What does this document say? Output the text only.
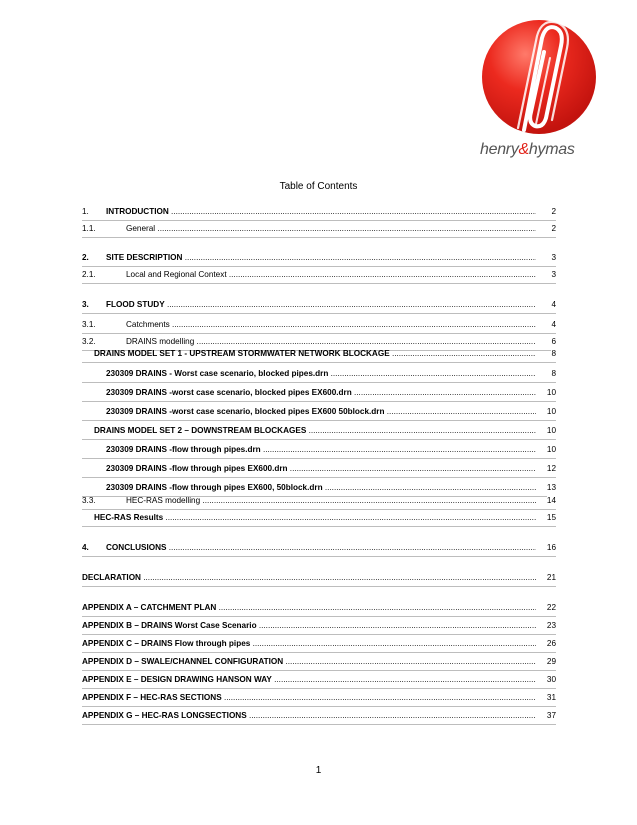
henry&hymas
Table of Contents
1. INTRODUCTION .....	2
1.1.	General .....	2
2. SITE DESCRIPTION .....	3
2.1.	Local and Regional Context .....	3
3. FLOOD STUDY .....	4
3.1.	Catchments .....	4
3.2.	DRAINS modelling .....	6
DRAINS MODEL SET 1 - UPSTREAM STORMWATER NETWORK BLOCKAGE .....	8
230309 DRAINS - Worst case scenario, blocked pipes.drn .....	8
230309 DRAINS -worst case scenario, blocked pipes EX600.drn .....	10
230309 DRAINS -worst case scenario, blocked pipes EX600 50block.drn .....	10
DRAINS MODEL SET 2 – DOWNSTREAM BLOCKAGES .....	10
230309 DRAINS -flow through pipes.drn .....	10
230309 DRAINS -flow through pipes EX600.drn .....	12
230309 DRAINS -flow through pipes EX600, 50block.drn .....	13
3.3.	HEC-RAS modelling .....	14
HEC-RAS Results .....	15
4. CONCLUSIONS .....	16
DECLARATION .....	21
APPENDIX A – CATCHMENT PLAN .....	22
APPENDIX B – DRAINS Worst Case Scenario .....	23
APPENDIX C – DRAINS Flow through pipes .....	26
APPENDIX D – SWALE/CHANNEL CONFIGURATION .....	29
APPENDIX E – DESIGN DRAWING HANSON WAY .....	30
APPENDIX F – HEC-RAS SECTIONS .....	31
APPENDIX G – HEC-RAS LONGSECTIONS .....	37
1
